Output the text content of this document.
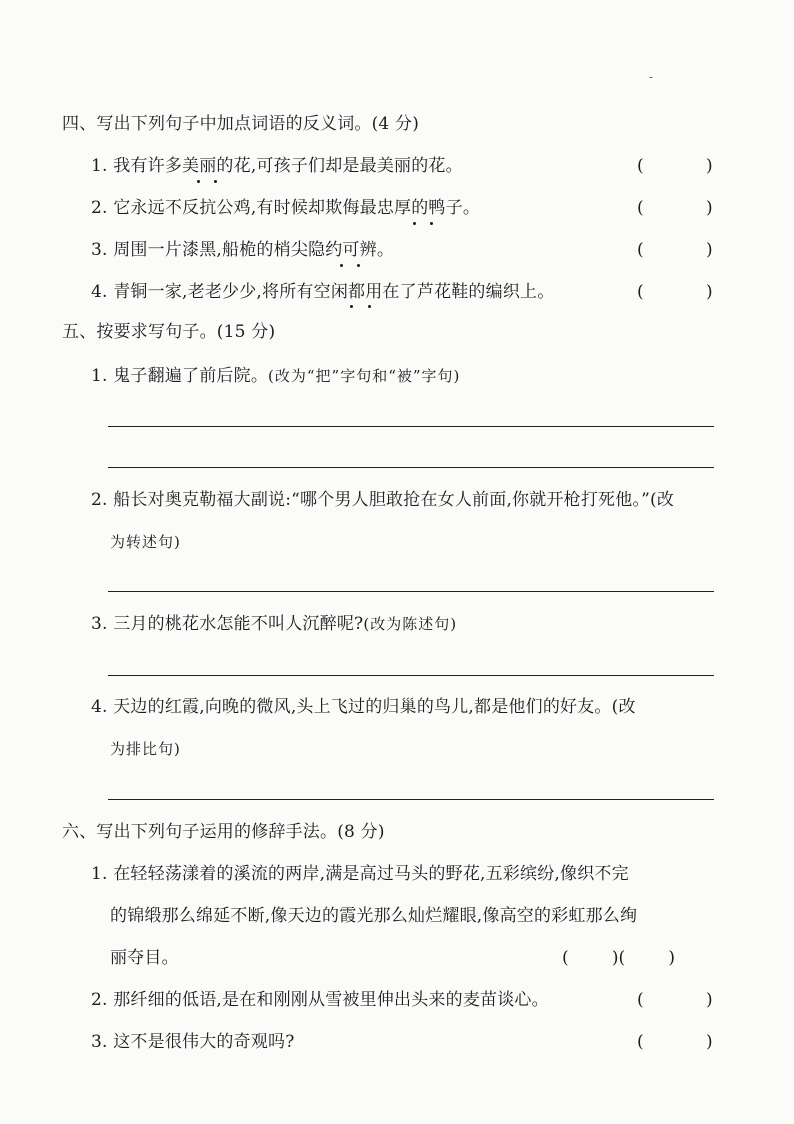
-
四、写出下列句子中加点词语的反义词。(4 分)
1. 我有许多美丽的花,可孩子们却是最美丽的花。	(	)
2. 它永远不反抗公鸡,有时候却欺侮最忠厚的鸭子。	(	)
3. 周围一片漆黑,船桅的梢尖隐约可辨。	(	)
4. 青铜一家,老老少少,将所有空闲都用在了芦花鞋的编织上。	(	)
五、按要求写句子。(15 分)
1. 鬼子翻遍了前后院。(改为“把”字句和“被”字句)
2. 船长对奥克勒福大副说:“哪个男人胆敢抢在女人前面,你就开枪打死他。”(改
为转述句)
3. 三月的桃花水怎能不叫人沉醉呢?(改为陈述句)
4. 天边的红霞,向晚的微风,头上飞过的归巢的鸟儿,都是他们的好友。(改
为排比句)
六、写出下列句子运用的修辞手法。(8 分)
1. 在轻轻荡漾着的溪流的两岸,满是高过马头的野花,五彩缤纷,像织不完
的锦缎那么绵延不断,像天边的霞光那么灿烂耀眼,像高空的彩虹那么绚
丽夺目。	(        )(        )
2. 那纤细的低语,是在和刚刚从雪被里伸出头来的麦苗谈心。	(	)
3. 这不是很伟大的奇观吗?	(	)
